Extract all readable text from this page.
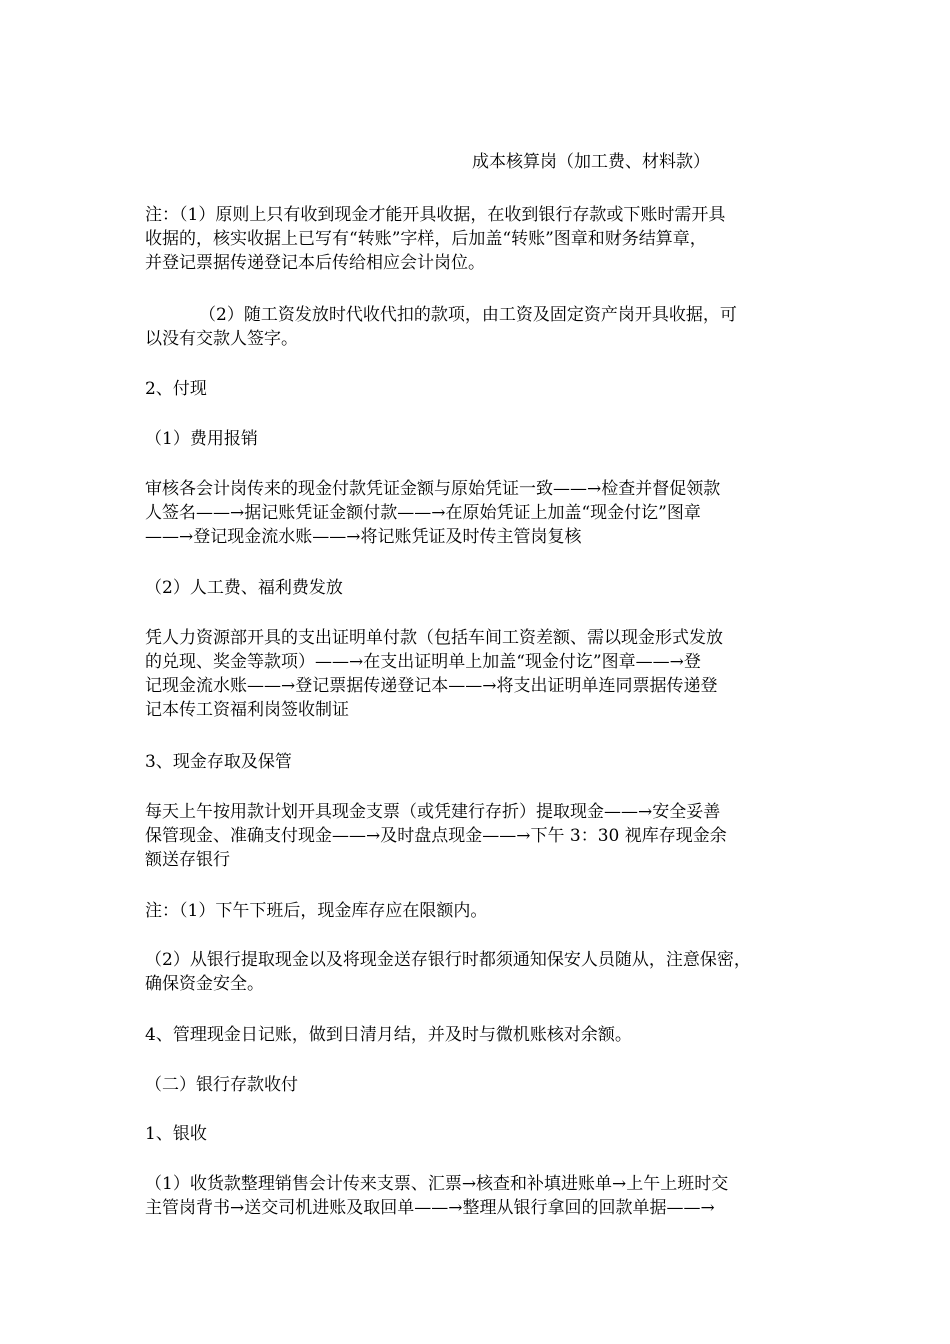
成本核算岗（加工费、材料款）
注：（1）原则上只有收到现金才能开具收据，在收到银行存款或下账时需开具
收据的，核实收据上已写有“转账”字样，后加盖“转账”图章和财务结算章，
并登记票据传递登记本后传给相应会计岗位。
（2）随工资发放时代收代扣的款项，由工资及固定资产岗开具收据，可
以没有交款人签字。
2、付现
（1）费用报销
审核各会计岗传来的现金付款凭证金额与原始凭证一致——→检查并督促领款
人签名——→据记账凭证金额付款——→在原始凭证上加盖“现金付讫”图章
——→登记现金流水账——→将记账凭证及时传主管岗复核
（2）人工费、福利费发放
凭人力资源部开具的支出证明单付款（包括车间工资差额、需以现金形式发放
的兑现、奖金等款项）——→在支出证明单上加盖“现金付讫”图章——→登
记现金流水账——→登记票据传递登记本——→将支出证明单连同票据传递登
记本传工资福利岗签收制证
3、现金存取及保管
每天上午按用款计划开具现金支票（或凭建行存折）提取现金——→安全妥善
保管现金、准确支付现金——→及时盘点现金——→下午 3：30 视库存现金余
额送存银行
注：（1）下午下班后，现金库存应在限额内。
（2）从银行提取现金以及将现金送存银行时都须通知保安人员随从，注意保密，
确保资金安全。
4、管理现金日记账，做到日清月结，并及时与微机账核对余额。
（二）银行存款收付
1、银收
（1）收货款整理销售会计传来支票、汇票→核查和补填进账单→上午上班时交
主管岗背书→送交司机进账及取回单——→整理从银行拿回的回款单据——→
